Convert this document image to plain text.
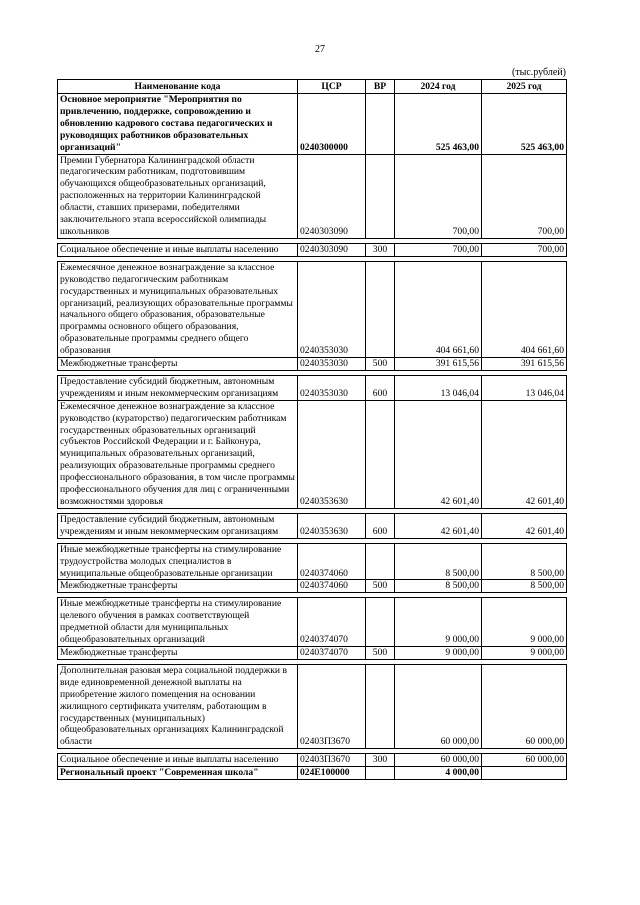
27
(тыс.рублей)
Наименование кода	ЦСР	ВР	2024 год	2025 год
Основное мероприятие "Мероприятия по привлечению, поддержке, сопровождению и обновлению кадрового состава педагогических и руководящих работников образовательных организаций"	0240300000		525 463,00	525 463,00
Премии Губернатора Калининградской области педагогическим работникам, подготовившим обучающихся общеобразовательных организаций, расположенных на территории Калининградской области, ставших призерами, победителями заключительного этапа всероссийской олимпиады школьников	0240303090		700,00	700,00

Социальное обеспечение и иные выплаты населению	0240303090	300	700,00	700,00

Ежемесячное денежное вознаграждение за классное руководство педагогическим работникам государственных и муниципальных образовательных организаций, реализующих образовательные программы начального общего образования, образовательные программы основного общего образования, образовательные программы среднего общего образования	0240353030		404 661,60	404 661,60
Межбюджетные трансферты	0240353030	500	391 615,56	391 615,56

Предоставление субсидий бюджетным, автономным учреждениям и иным некоммерческим организациям	0240353030	600	13 046,04	13 046,04
Ежемесячное денежное вознаграждение за классное руководство (кураторство) педагогическим работникам государственных образовательных организаций субъектов Российской Федерации и г. Байконура, муниципальных образовательных организаций, реализующих образовательные программы среднего профессионального образования, в том числе программы профессионального обучения для лиц с ограниченными возможностями здоровья	0240353630		42 601,40	42 601,40

Предоставление субсидий бюджетным, автономным учреждениям и иным некоммерческим организациям	0240353630	600	42 601,40	42 601,40

Иные межбюджетные трансферты на стимулирование трудоустройства молодых специалистов в муниципальные общеобразовательные организации	0240374060		8 500,00	8 500,00
Межбюджетные трансферты	0240374060	500	8 500,00	8 500,00

Иные межбюджетные трансферты на стимулирование целевого обучения в рамках соответствующей предметной области для муниципальных общеобразовательных организаций	0240374070		9 000,00	9 000,00
Межбюджетные трансферты	0240374070	500	9 000,00	9 000,00

Дополнительная разовая мера социальной поддержки в виде единовременной денежной выплаты на приобретение жилого помещения на основании жилищного сертификата учителям, работающим в государственных (муниципальных) общеобразовательных организациях Калининградской области	02403П3670		60 000,00	60 000,00

Социальное обеспечение и иные выплаты населению	02403П3670	300	60 000,00	60 000,00
Региональный проект "Современная школа"	024E100000		4 000,00	
